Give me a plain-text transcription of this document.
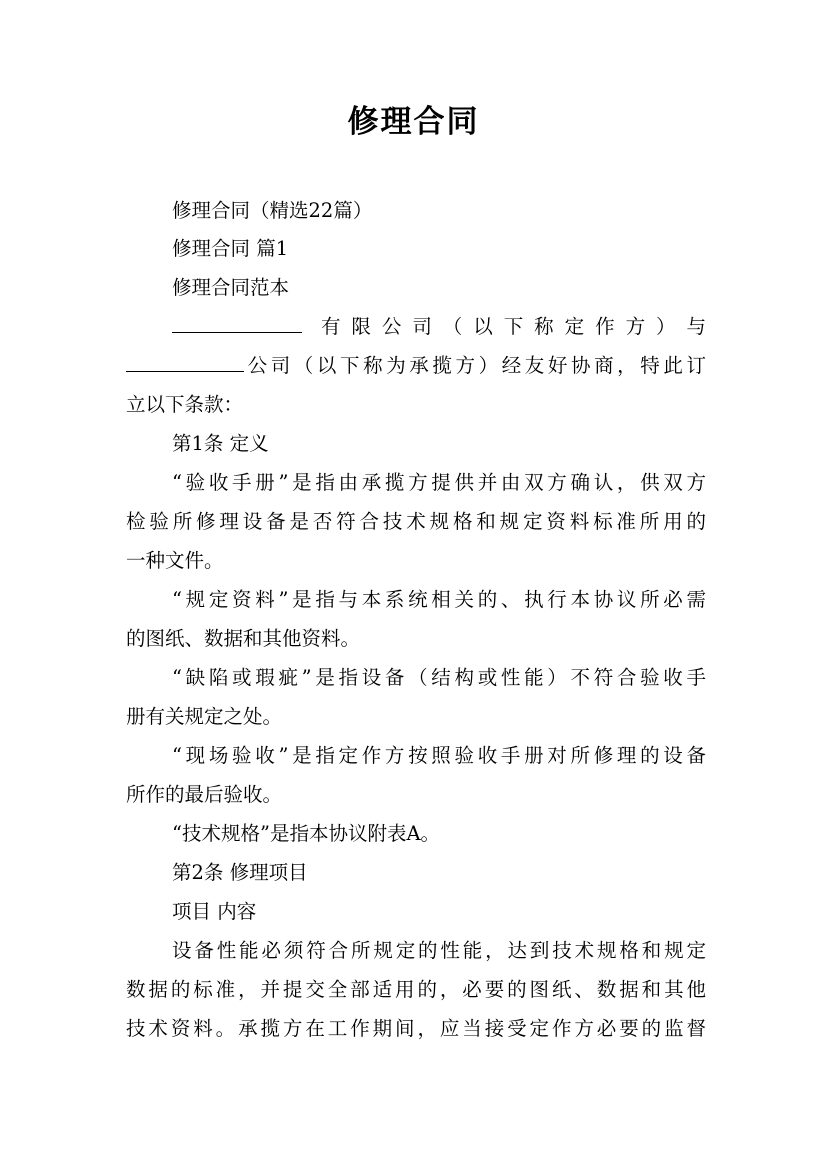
修理合同
修理合同（精选22篇）
修理合同 篇1
修理合同范本
有限公司（以下称定作方）与
公司（以下称为承揽方）经友好协商，特此订
立以下条款：
第1条 定义
“验收手册”是指由承揽方提供并由双方确认，供双方
检验所修理设备是否符合技术规格和规定资料标准所用的
一种文件。
“规定资料”是指与本系统相关的、执行本协议所必需
的图纸、数据和其他资料。
“缺陷或瑕疵”是指设备（结构或性能）不符合验收手
册有关规定之处。
“现场验收”是指定作方按照验收手册对所修理的设备
所作的最后验收。
“技术规格”是指本协议附表A。
第2条 修理项目
项目 内容
设备性能必须符合所规定的性能，达到技术规格和规定
数据的标准，并提交全部适用的，必要的图纸、数据和其他
技术资料。承揽方在工作期间，应当接受定作方必要的监督
